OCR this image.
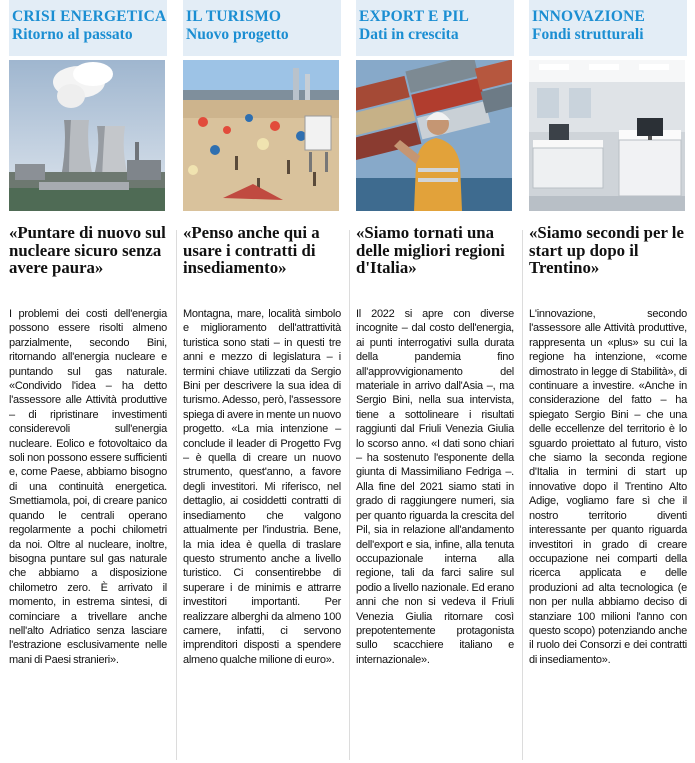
CRISI ENERGETICA
Ritorno al passato
«Puntare di nuovo sul nucleare sicuro senza avere paura»
I problemi dei costi dell'energia possono essere risolti almeno parzialmente, secondo Bini, ritornando all'energia nucleare e puntando sul gas naturale. «Condivido l'idea – ha detto l'assessore alle Attività produttive – di ripristinare investimenti considerevoli sull'energia nucleare. Eolico e fotovoltaico da soli non possono essere sufficienti e, come Paese, abbiamo bisogno di una continuità energetica. Smettiamola, poi, di creare panico quando le centrali operano regolarmente a pochi chilometri da noi. Oltre al nucleare, inoltre, bisogna puntare sul gas naturale che abbiamo a disposizione chilometro zero. È arrivato il momento, in estrema sintesi, di cominciare a trivellare anche nell'alto Adriatico senza lasciare l'estrazione esclusivamente nelle mani di Paesi stranieri».
IL TURISMO
Nuovo progetto
«Penso anche qui a usare i contratti di insediamento»
Montagna, mare, località simbolo e miglioramento dell'attrattività turistica sono stati – in questi tre anni e mezzo di legislatura – i termini chiave utilizzati da Sergio Bini per descrivere la sua idea di turismo. Adesso, però, l'assessore spiega di avere in mente un nuovo progetto. «La mia intenzione – conclude il leader di Progetto Fvg – è quella di creare un nuovo strumento, quest'anno, a favore degli investitori. Mi riferisco, nel dettaglio, ai cosiddetti contratti di insediamento che valgono attualmente per l'industria. Bene, la mia idea è quella di traslare questo strumento anche a livello turistico. Ci consentirebbe di superare i de minimis e attrarre investitori importanti. Per realizzare alberghi da almeno 100 camere, infatti, ci servono imprenditori disposti a spendere almeno qualche milione di euro».
EXPORT E PIL
Dati in crescita
«Siamo tornati una delle migliori regioni d'Italia»
Il 2022 si apre con diverse incognite – dal costo dell'energia, ai punti interrogativi sulla durata della pandemia fino all'approvvigionamento del materiale in arrivo dall'Asia –, ma Sergio Bini, nella sua intervista, tiene a sottolineare i risultati raggiunti dal Friuli Venezia Giulia lo scorso anno. «I dati sono chiari – ha sostenuto l'esponente della giunta di Massimiliano Fedriga –. Alla fine del 2021 siamo stati in grado di raggiungere numeri, sia per quanto riguarda la crescita del Pil, sia in relazione all'andamento dell'export e sia, infine, alla tenuta occupazionale interna alla regione, tali da farci salire sul podio a livello nazionale. Ed erano anni che non si vedeva il Friuli Venezia Giulia ritornare così prepotentemente protagonista sullo scacchiere italiano e internazionale».
INNOVAZIONE
Fondi strutturali
«Siamo secondi per le start up dopo il Trentino»
L'innovazione, secondo l'assessore alle Attività produttive, rappresenta un «plus» su cui la regione ha intenzione, «come dimostrato in legge di Stabilità», di continuare a investire. «Anche in considerazione del fatto – ha spiegato Sergio Bini – che una delle eccellenze del territorio è lo sguardo proiettato al futuro, visto che siamo la seconda regione d'Italia in termini di start up innovative dopo il Trentino Alto Adige, vogliamo fare sì che il nostro territorio diventi interessante per quanto riguarda investitori in grado di creare occupazione nei comparti della ricerca applicata e delle produzioni ad alta tecnologica (e non per nulla abbiamo deciso di stanziare 100 milioni l'anno con questo scopo) potenziando anche il ruolo dei Consorzi e dei contratti di insediamento».
